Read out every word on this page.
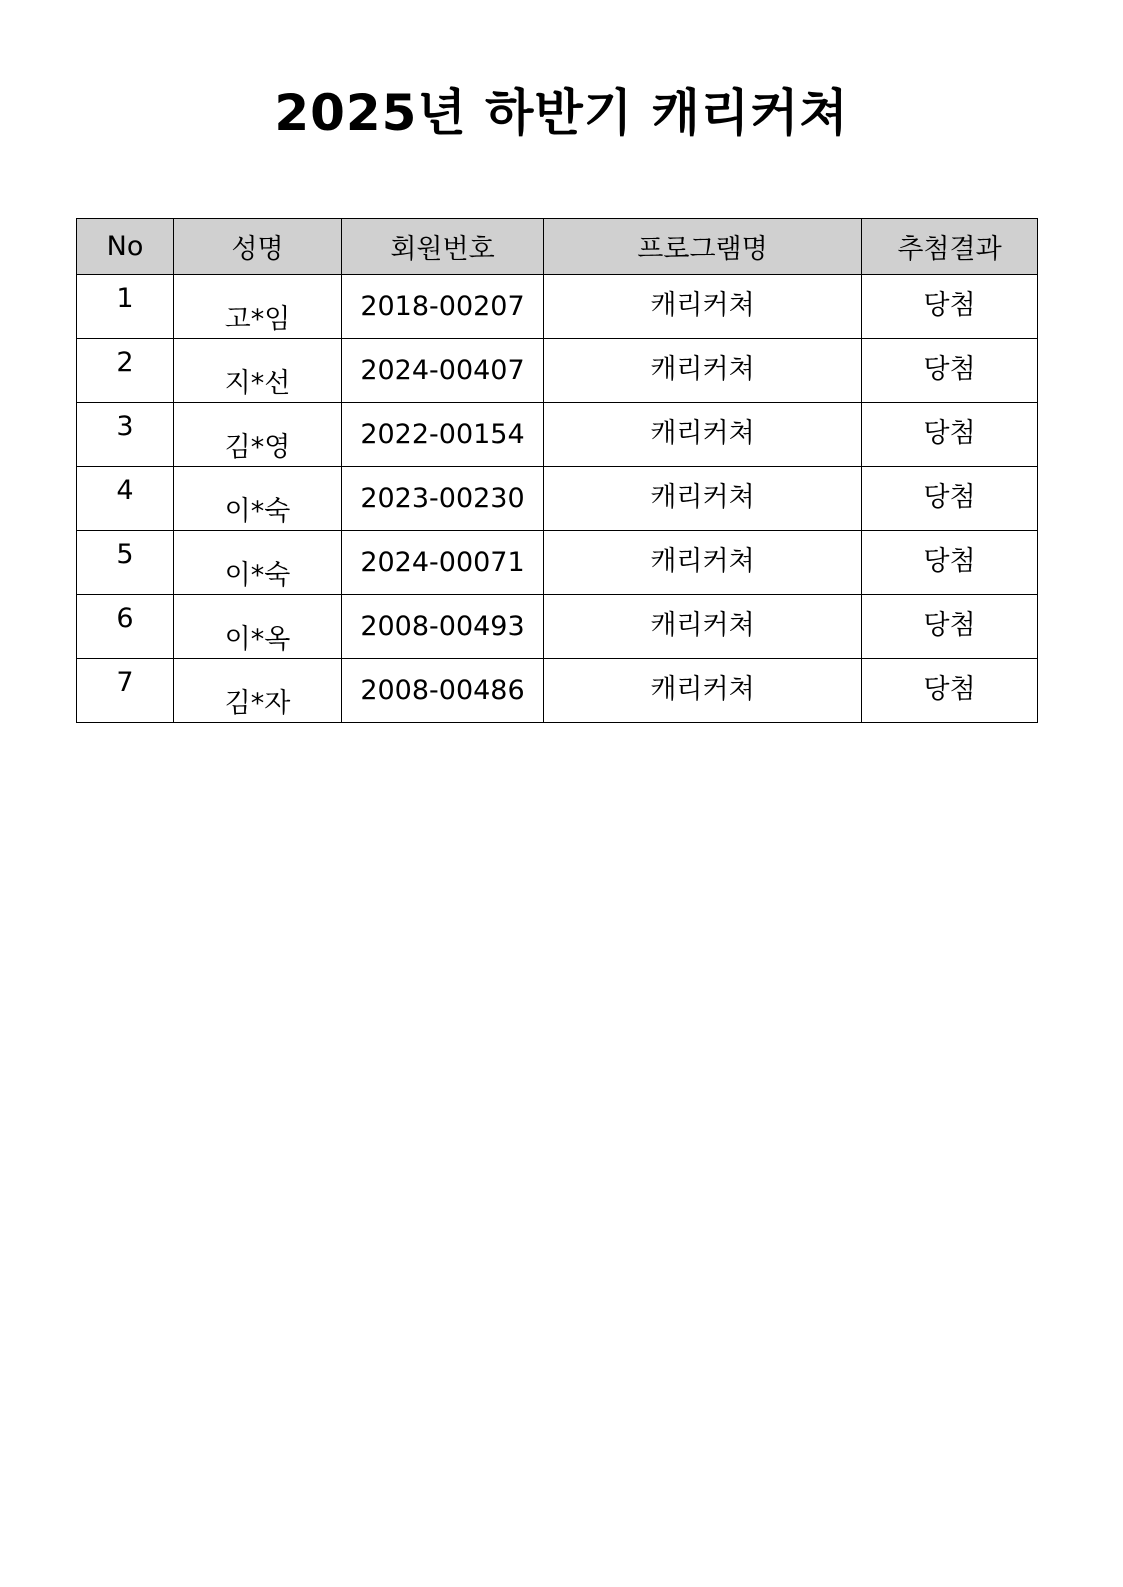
2025년 하반기 캐리커쳐
No	성명	회원번호	프로그램명	추첨결과
1	고*임	2018-00207	캐리커쳐	당첨
2	지*선	2024-00407	캐리커쳐	당첨
3	김*영	2022-00154	캐리커쳐	당첨
4	이*숙	2023-00230	캐리커쳐	당첨
5	이*숙	2024-00071	캐리커쳐	당첨
6	이*옥	2008-00493	캐리커쳐	당첨
7	김*자	2008-00486	캐리커쳐	당첨
